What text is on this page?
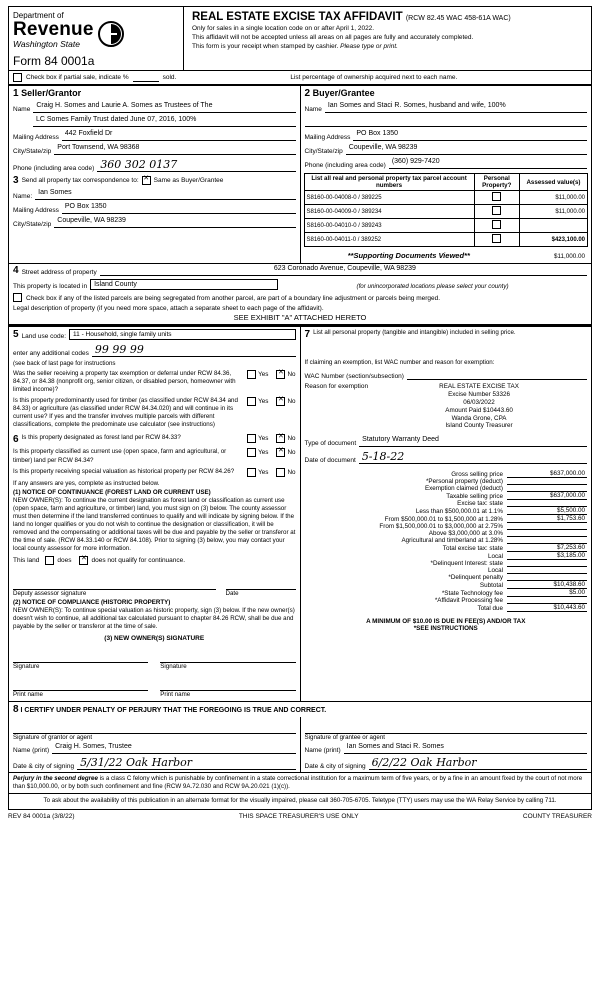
Department of
Revenue
Washington State
Form 84 0001a
REAL ESTATE EXCISE TAX AFFIDAVIT (RCW 82.45 WAC 458-61A WAC)
Only for sales in a single location code on or after April 1, 2022.
This affidavit will not be accepted unless all areas on all pages are fully and accurately completed.
This form is your receipt when stamped by cashier. Please type or print.
Check box if partial sale, indicate %
	sold.	List percentage of ownership acquired next to each name.
1 Seller/Grantor
Name
Craig H. Somes and Laurie A. Somes as Trustees of The
LC Somes Family Trust dated June 07, 2016, 100%
Mailing Address
442 Foxfield Dr
City/State/zip
Port Townsend, WA 98368
Phone (including area code) 360 302 0137
3 Send all property tax correspondence to: ✕ Same as Buyer/Grantee
Name:
Ian Somes
Mailing Address
PO Box 1350
City/State/zip
Coupeville, WA 98239
2 Buyer/Grantee
Name
Ian Somes and Staci R. Somes, husband and wife, 100%

Mailing Address
PO Box 1350
City/State/zip
Coupeville, WA 98239
Phone (including area code)
(360) 929-7420
List all real and personal property tax parcel account numbers	Personal Property?	Assessed value(s)
S8160-00-04008-0 / 389225		$11,000.00
S8160-00-04009-0 / 389234		$11,000.00
S8160-00-04010-0 / 389243		
S8160-00-04011-0 / 389252		$423,100.00
**Supporting Documents Viewed**	$11,000.00
4 Street address of property
623 Coronado Avenue, Coupeville, WA 98239
This property is located in	Island County	(for unincorporated locations please select your county)
Check box if any of the listed parcels are being segregated from another parcel, are part of a boundary line adjustment or parcels being merged.
Legal description of property (if you need more space, attach a separate sheet to each page of the affidavit).
SEE EXHIBIT "A" ATTACHED HERETO
5 Land use code:	11 - Household, single family units
enter any additional codes 99 99 99
(see back of last page for instructions
Was the seller receiving a property tax exemption or deferral under RCW 84.36, 84.37, or 84.38 (nonprofit org, senior citizen, or disabled person, homeowner with limited income)?
Yes ✕	No
Is this property predominantly used for timber (as classified under RCW 84.34 and 84.33) or agriculture (as classified under RCW 84.34.020) and will continue in its current use? If yes and the transfer involves multiple parcels with different classifications, complete the predominate use calculator (see instructions)
Yes ✕	No
6 Is this property designated as forest land per RCW 84.33?	Yes ✕	No
Is this property classified as current use (open space, farm and agricultural, or timber) land per RCW 84.34?
Yes ✕	No
Is this property receiving special valuation as historical property per RCW 84.26?	Yes	No
If any answers are yes, complete as instructed below.
(1) NOTICE OF CONTINUANCE (FOREST LAND OR CURRENT USE)
NEW OWNER(S): To continue the current designation as forest land or classification as current use (open space, farm and agriculture, or timber) land, you must sign on (3) below. The county assessor must then determine if the land transferred continues to qualify and will indicate by signing below. If the land no longer qualifies or you do not wish to continue the designation or classification, it will be removed and the compensating or additional taxes will be due and payable by the seller or transferor at the time of sale. (RCW 84.33.140 or RCW 84.108). Prior to signing (3) below, you may contact your local county assessor for more information.
This land	does ✕	does not qualify for continuance.
Deputy assessor signature	Date
(2) NOTICE OF COMPLIANCE (HISTORIC PROPERTY)
NEW OWNER(S): To continue special valuation as historic property, sign (3) below. If the new owner(s) doesn't wish to continue, all additional tax calculated pursuant to chapter 84.26 RCW, shall be due and payable by the seller or transferor at the time of sale.
(3) NEW OWNER(S) SIGNATURE
Signature	Signature
Print name	Print name
7 List all personal property (tangible and intangible) included in selling price.
If claiming an exemption, list WAC number and reason for exemption:
WAC Number (section/subsection)

Reason for exemption	REAL ESTATE EXCISE TAX
Excise Number 53326
06/03/2022
Amount Paid $10443.60
Wanda Grone, CPA
Island County Treasurer
Type of document
Statutory Warranty Deed
Date of document 5-18-22
Gross selling price	$637,000.00
*Personal property (deduct)
Exemption claimed (deduct)
Taxable selling price	$637,000.00
Excise tax: state
Less than $500,000.01 at 1.1%	$5,500.00
From $500,000.01 to $1,500,000 at 1.28%	$1,753.60
From $1,500,000.01 to $3,000,000 at 2.75%
Above $3,000,000 at 3.0%
Agricultural and timberland at 1.28%
Total excise tax: state	$7,253.60
Local	$3,185.00
*Delinquent Interest: state
Local
*Delinquent penalty
Subtotal	$10,438.60
*State Technology fee	$5.00
*Affidavit Processing fee
Total due	$10,443.60
A MINIMUM OF $10.00 IS DUE IN FEE(S) AND/OR TAX
*SEE INSTRUCTIONS
8 I CERTIFY UNDER PENALTY OF PERJURY THAT THE FOREGOING IS TRUE AND CORRECT.
Signature of grantor or agent
Name (print)
Craig H. Somes, Trustee
Date & city of signing 5/31/22 Oak Harbor
Signature of grantee or agent
Name (print)
Ian Somes and Staci R. Somes
Date & city of signing 6/2/22 Oak Harbor
Perjury in the second degree is a class C felony which is punishable by confinement in a state correctional institution for a maximum term of five years, or by a fine in an amount fixed by the court of not more than $10,000.00, or by both such confinement and fine (RCW 9A.72.030 and RCW 9A.20.021 (1)(c)).
To ask about the availability of this publication in an alternate format for the visually impaired, please call 360-705-6705. Teletype (TTY) users may use the WA Relay Service by calling 711.
REV 84 0001a (3/8/22)	THIS SPACE TREASURER'S USE ONLY	COUNTY TREASURER
